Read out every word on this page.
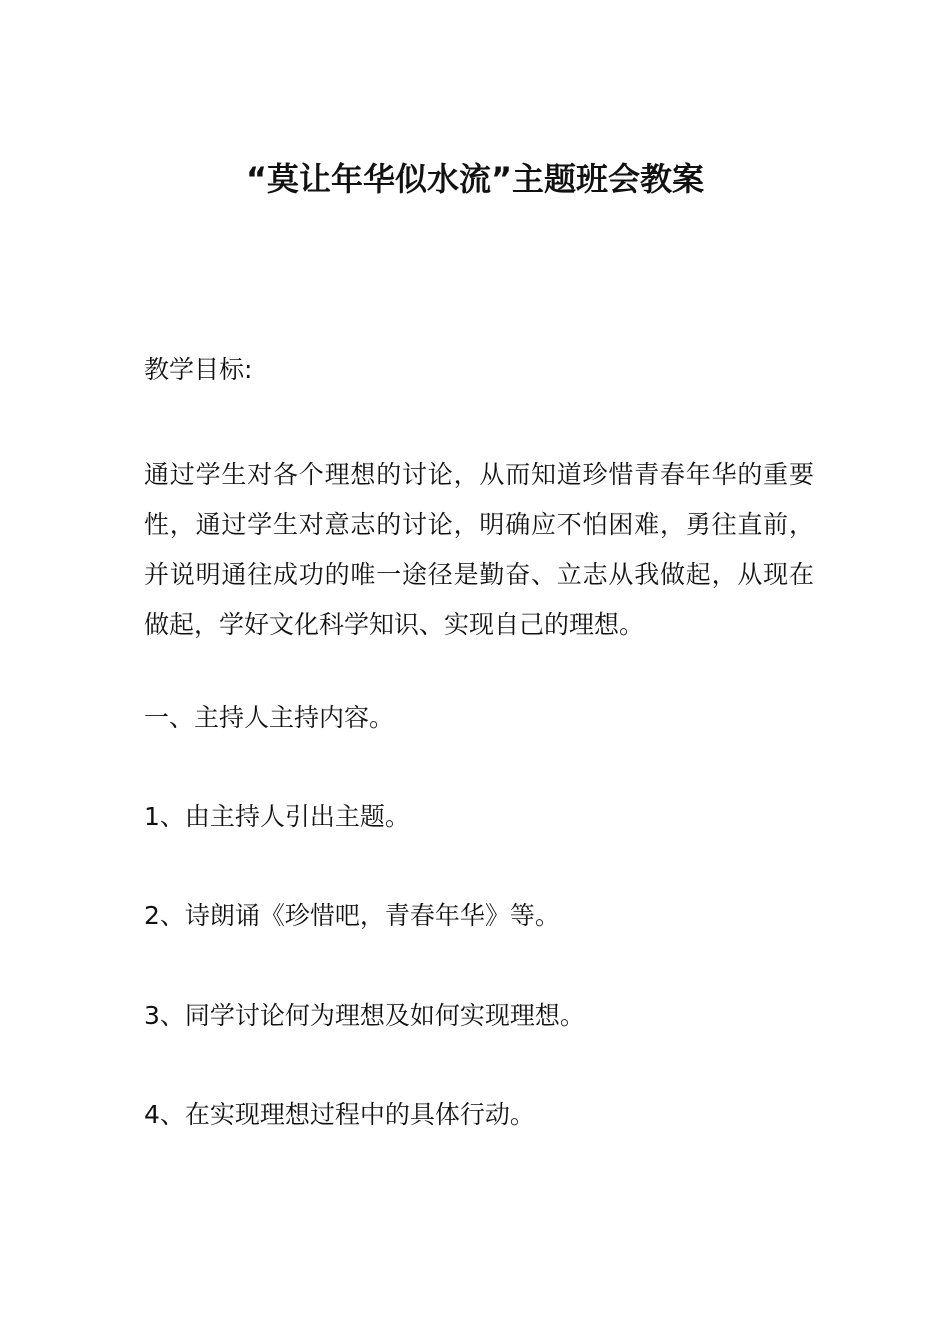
“莫让年华似水流”主题班会教案

教学目标:

通过学生对各个理想的讨论，从而知道珍惜青春年华的重要性，通过学生对意志的讨论，明确应不怕困难，勇往直前，并说明通往成功的唯一途径是勤奋、立志从我做起，从现在做起，学好文化科学知识、实现自己的理想。

一、主持人主持内容。

1、由主持人引出主题。

2、诗朗诵《珍惜吧，青春年华》等。

3、同学讨论何为理想及如何实现理想。

4、在实现理想过程中的具体行动。
